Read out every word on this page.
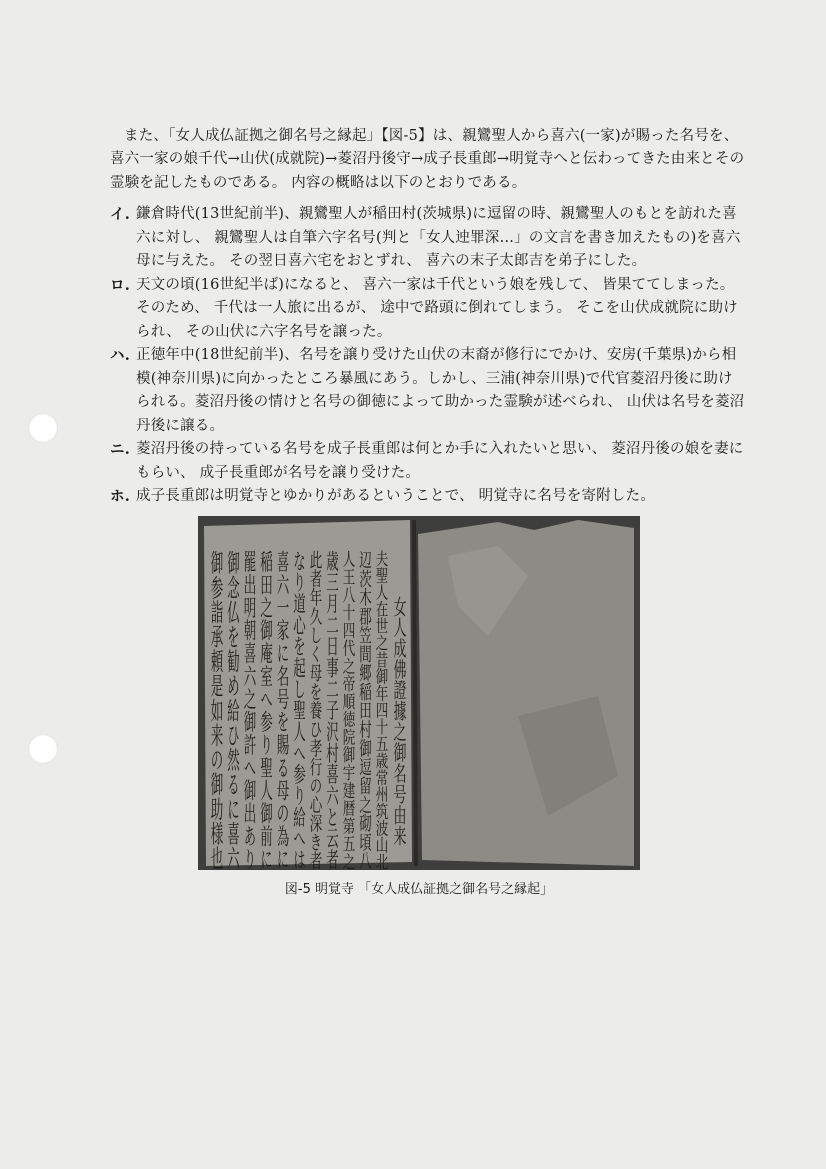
また、「女人成仏証拠之御名号之縁起」【図-5】は、親鸞聖人から喜六(一家)が賜った名号を、喜六一家の娘千代→山伏(成就院)→菱沼丹後守→成子長重郎→明覚寺へと伝わってきた由来とその霊験を記したものである。 内容の概略は以下のとおりである。

イ. 鎌倉時代(13世紀前半)、親鸞聖人が稲田村(茨城県)に逗留の時、親鸞聖人のもとを訪れた喜六に対し、 親鸞聖人は自筆六字名号(判と「女人迚罪深…」の文言を書き加えたもの)を喜六母に与えた。 その翌日喜六宅をおとずれ、 喜六の末子太郎吉を弟子にした。

ロ. 天文の頃(16世紀半ば)になると、 喜六一家は千代という娘を残して、 皆果ててしまった。 そのため、 千代は一人旅に出るが、 途中で路頭に倒れてしまう。 そこを山伏成就院に助けられ、 その山伏に六字名号を譲った。

ハ. 正徳年中(18世紀前半)、名号を譲り受けた山伏の末裔が修行にでかけ、安房(千葉県)から相模(神奈川県)に向かったところ暴風にあう。しかし、三浦(神奈川県)で代官菱沼丹後に助けられる。菱沼丹後の情けと名号の御徳によって助かった霊験が述べられ、 山伏は名号を菱沼丹後に譲る。

ニ. 菱沼丹後の持っている名号を成子長重郎は何とか手に入れたいと思い、 菱沼丹後の娘を妻にもらい、 成子長重郎が名号を譲り受けた。

ホ. 成子長重郎は明覚寺とゆかりがあるということで、 明覚寺に名号を寄附した。

女人成佛證據之御名号由来
夫聖人在世之昔御年四十五歳常州筑波山北
辺茨木郡笠間郷稲田村御逗留之砌頃八
人王八十四代之帝順徳院御宇建暦第五之
歳三月二日事二子沢村喜六と云者
此者年久しく母を養ひ孝行の心深き者
なり道心を起し聖人へ参り給へは
喜六一家に名号を賜る母の為に
稲田之御庵室へ参り聖人御前に
罷出明朝喜六之御許へ御出あり
御念仏を勧め給ひ然るに喜六
御参詣承頼是如来の御助様也
図-5 明覚寺 「女人成仏証拠之御名号之縁起」
